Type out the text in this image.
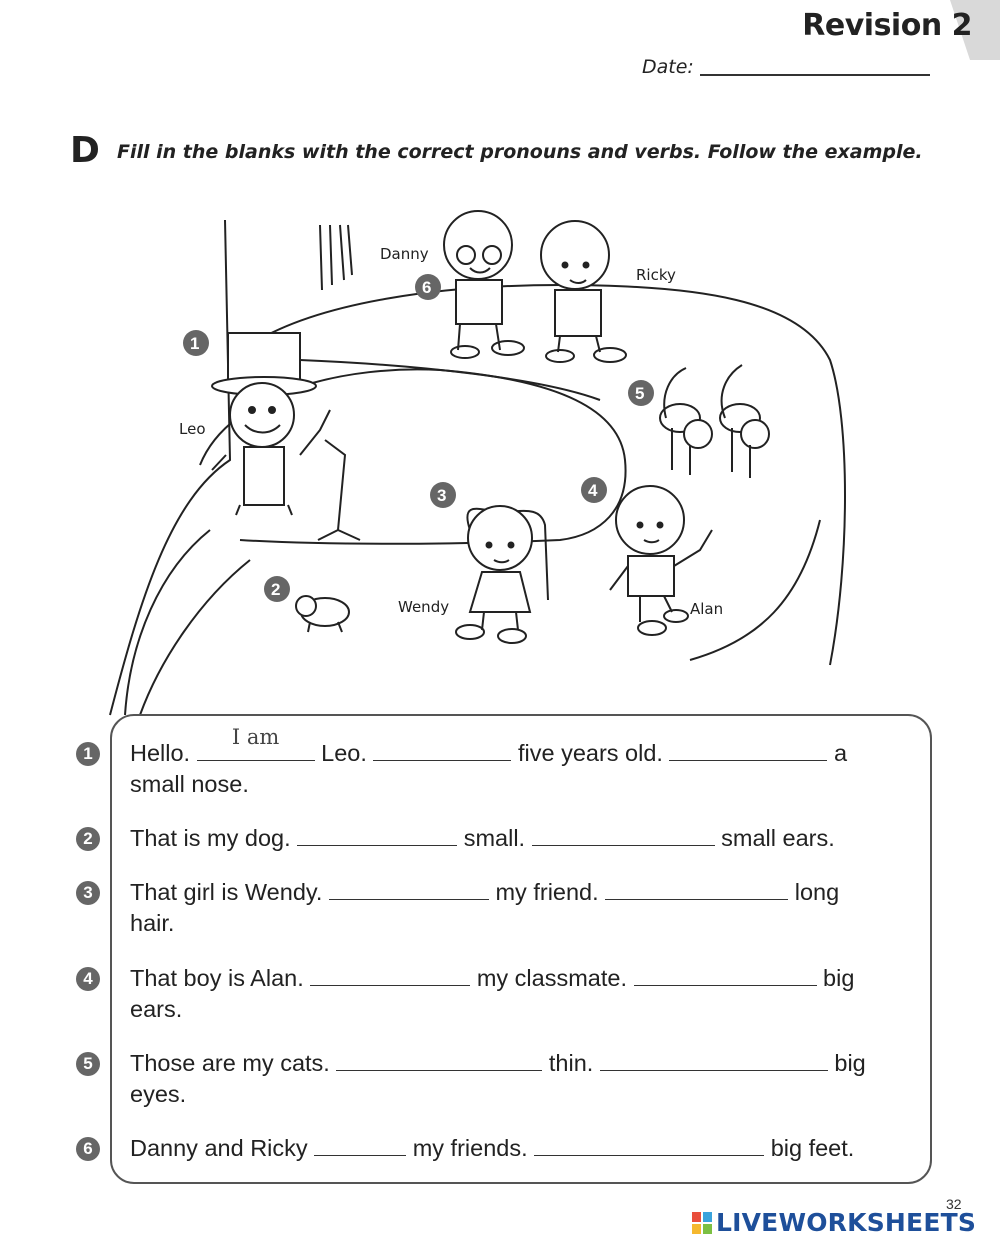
Revision 2
Date:
D Fill in the blanks with the correct pronouns and verbs. Follow the example.
Danny
Ricky
Leo
Wendy	Alan
1
2
3	4
5
6
1	Hello.
I am
Leo.	five years old.	a
small nose.
2	That is my dog.	small.	small ears.
3	That girl is Wendy.	my friend.	long
hair.
4	That boy is Alan.	my classmate.	big
ears.
5	Those are my cats.	thin.	big
eyes.
6	Danny and Ricky	my friends.	big feet.
32
LIVEWORKSHEETS
